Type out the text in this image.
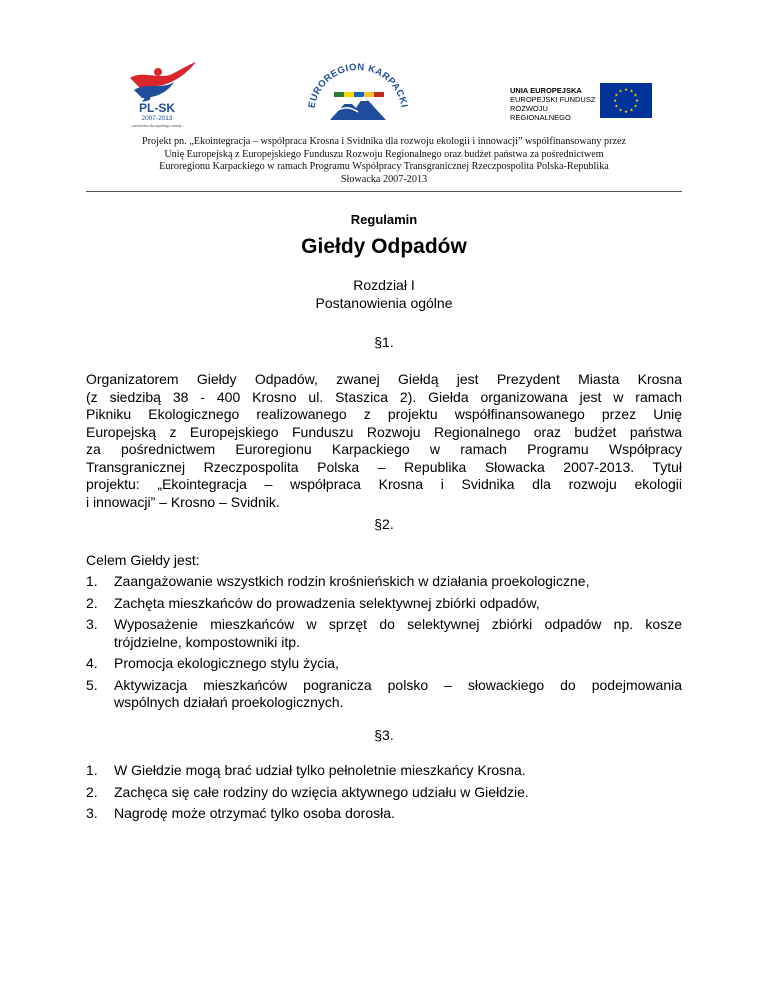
PL-SK
2007-2013
... partnerstwo dla wspólnego rozwoju ...
EUROREGION KARPACKI
UNIA EUROPEJSKA
EUROPEJSKI FUNDUSZ
ROZWOJU REGIONALNEGO
★ ★
★
★
★
★
★
★
★
★
★
★
Projekt pn. „Ekointegracja – współpraca Krosna i Svidnika dla rozwoju ekologii i innowacji” współfinansowany przez
Unię Europejską z Europejskiego Funduszu Rozwoju Regionalnego oraz budżet państwa za pośrednictwem
Euroregionu Karpackiego w ramach Programu Współpracy Transgranicznej Rzeczpospolita Polska-Republika
Słowacka 2007-2013
Regulamin
Giełdy Odpadów
Rozdział I
Postanowienia ogólne
§1.
Organizatorem Giełdy Odpadów, zwanej Giełdą jest Prezydent Miasta Krosna
(z siedzibą 38 - 400 Krosno ul. Staszica 2). Giełda organizowana jest w ramach
Pikniku Ekologicznego realizowanego z projektu współfinansowanego przez Unię
Europejską z Europejskiego Funduszu Rozwoju Regionalnego oraz budżet państwa
za pośrednictwem Euroregionu Karpackiego w ramach Programu Współpracy
Transgranicznej Rzeczpospolita Polska – Republika Słowacka 2007-2013. Tytuł
projektu: „Ekointegracja – współpraca Krosna i Svidnika dla rozwoju ekologii
i innowacji” – Krosno – Svidnik.
§2.
Celem Giełdy jest:
1. Zaangażowanie wszystkich rodzin krośnieńskich w działania proekologiczne,
2. Zachęta mieszkańców do prowadzenia selektywnej zbiórki odpadów,
3. Wyposażenie mieszkańców w sprzęt do selektywnej zbiórki odpadów np. kosze
trójdzielne, kompostowniki itp.
4. Promocja ekologicznego stylu życia,
5. Aktywizacja mieszkańców pogranicza polsko – słowackiego do podejmowania
wspólnych działań proekologicznych.
§3.
1. W Giełdzie mogą brać udział tylko pełnoletnie mieszkańcy Krosna.
2. Zachęca się całe rodziny do wzięcia aktywnego udziału w Giełdzie.
3. Nagrodę może otrzymać tylko osoba dorosła.
